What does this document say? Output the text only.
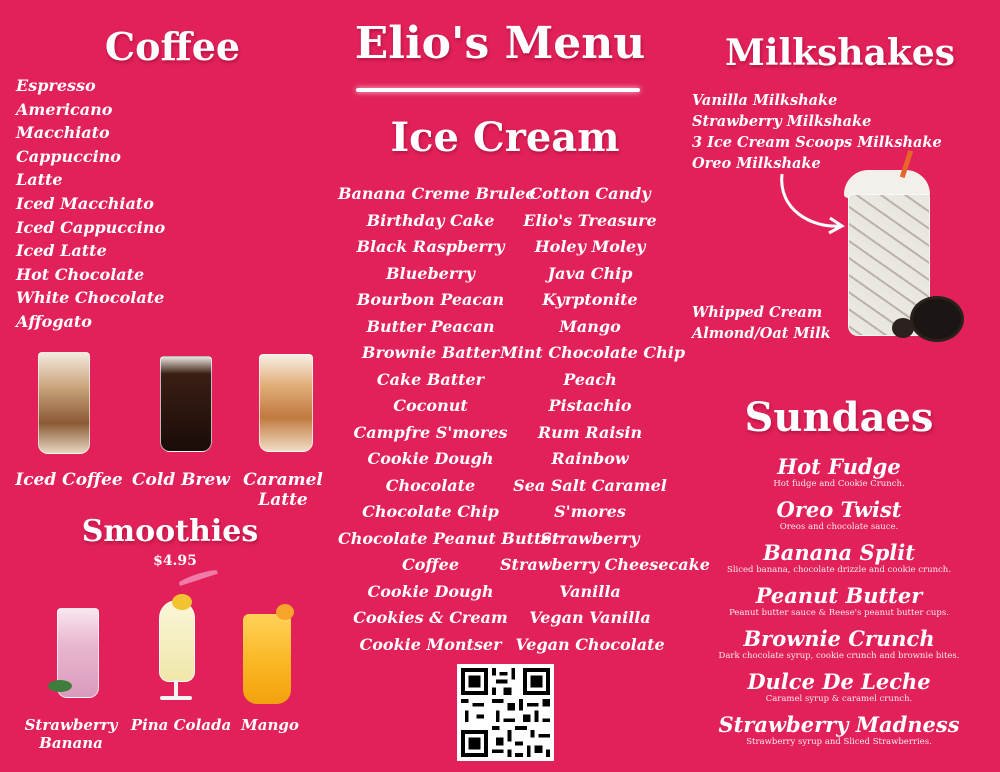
Elio's Menu
Coffee
Espresso
Americano
Macchiato
Cappuccino
Latte
Iced Macchiato
Iced Cappuccino
Iced Latte
Hot Chocolate
White Chocolate
Affogato
Iced Coffee Cold Brew Caramel
Latte
Smoothies
$4.95
Strawberry
Banana
Pina Colada Mango
Ice Cream
Banana Creme Brulee
Birthday Cake
Black Raspberry
Blueberry
Bourbon Peacan
Butter Peacan
Brownie Batter
Cake Batter
Coconut
Campfre S'mores
Cookie Dough
Chocolate
Chocolate Chip
Chocolate Peanut Butter
Coffee
Cookie Dough
Cookies & Cream
Cookie Montser
Cotton Candy
Elio's Treasure
Holey Moley
Java Chip
Kyrptonite
Mango
Mint Chocolate Chip
Peach
Pistachio
Rum Raisin
Rainbow
Sea Salt Caramel
S'mores
Strawberry
Strawberry Cheesecake
Vanilla
Vegan Vanilla
Vegan Chocolate
Milkshakes
Vanilla Milkshake
Strawberry Milkshake
3 Ice Cream Scoops Milkshake
Oreo Milkshake
Whipped Cream
Almond/Oat Milk
Sundaes
Hot Fudge
Hot fudge and Cookie Crunch.
Oreo Twist
Oreos and chocolate sauce.
Banana Split
Sliced banana, chocolate drizzle and cookie crunch.
Peanut Butter
Peanut butter sauce & Reese's peanut butter cups.
Brownie Crunch
Dark chocolate syrup, cookie crunch and brownie bites.
Dulce De Leche
Caramel syrup & caramel crunch.
Strawberry Madness
Strawberry syrup and Sliced Strawberries.
